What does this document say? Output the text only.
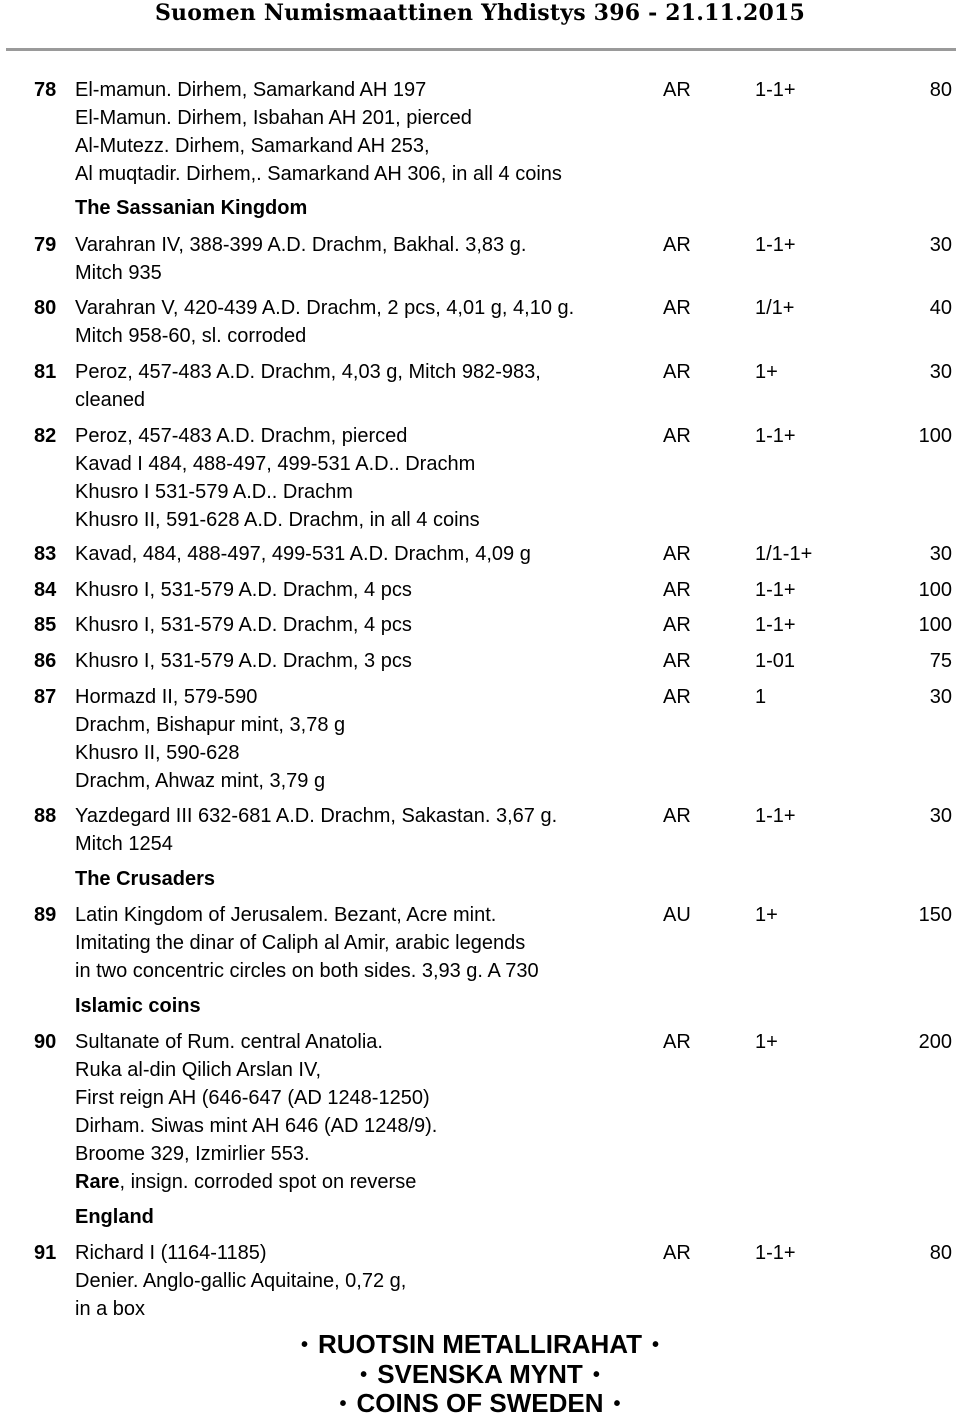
Suomen Numismaattinen Yhdistys 396 - 21.11.2015
78 El-mamun. Dirhem, Samarkand AH 197
El-Mamun. Dirhem, Isbahan AH 201, pierced
Al-Mutezz. Dirhem, Samarkand AH 253,
Al muqtadir. Dirhem,. Samarkand AH 306, in all 4 coins
AR	1-1+	80
The Sassanian Kingdom
79 Varahran IV, 388-399 A.D. Drachm, Bakhal. 3,83 g.
Mitch 935
AR	1-1+	30
80 Varahran V, 420-439 A.D. Drachm, 2 pcs, 4,01 g, 4,10 g.
Mitch 958-60, sl. corroded
AR	1/1+	40
81 Peroz, 457-483 A.D. Drachm, 4,03 g, Mitch 982-983,
cleaned
AR	1+	30
82 Peroz, 457-483 A.D. Drachm, pierced
Kavad I 484, 488-497, 499-531 A.D.. Drachm
Khusro I 531-579 A.D.. Drachm
Khusro II, 591-628 A.D. Drachm, in all 4 coins
AR	1-1+	100
83 Kavad, 484, 488-497, 499-531 A.D. Drachm, 4,09 g	AR	1/1-1+	30
84 Khusro I, 531-579 A.D. Drachm, 4 pcs	AR	1-1+	100
85 Khusro I, 531-579 A.D. Drachm, 4 pcs	AR	1-1+	100
86 Khusro I, 531-579 A.D. Drachm, 3 pcs	AR	1-01	75
87 Hormazd II, 579-590
Drachm, Bishapur mint, 3,78 g
Khusro II, 590-628
Drachm, Ahwaz mint, 3,79 g
AR	1	30
88 Yazdegard III 632-681 A.D. Drachm, Sakastan. 3,67 g.
Mitch 1254
AR	1-1+	30
The Crusaders
89 Latin Kingdom of Jerusalem. Bezant, Acre mint.
Imitating the dinar of Caliph al Amir, arabic legends
in two concentric circles on both sides. 3,93 g. A 730
AU	1+	150
Islamic coins
90 Sultanate of Rum. central Anatolia.
Ruka al-din Qilich Arslan IV,
First reign AH (646-647 (AD 1248-1250)
Dirham. Siwas mint AH 646 (AD 1248/9).
Broome 329, Izmirlier 553.
Rare, insign. corroded spot on reverse
AR	1+	200
England
91 Richard I (1164-1185)
Denier. Anglo-gallic Aquitaine, 0,72 g,
in a box
AR	1-1+	80
• RUOTSIN METALLIRAHAT •
• SVENSKA MYNT •
• COINS OF SWEDEN •
